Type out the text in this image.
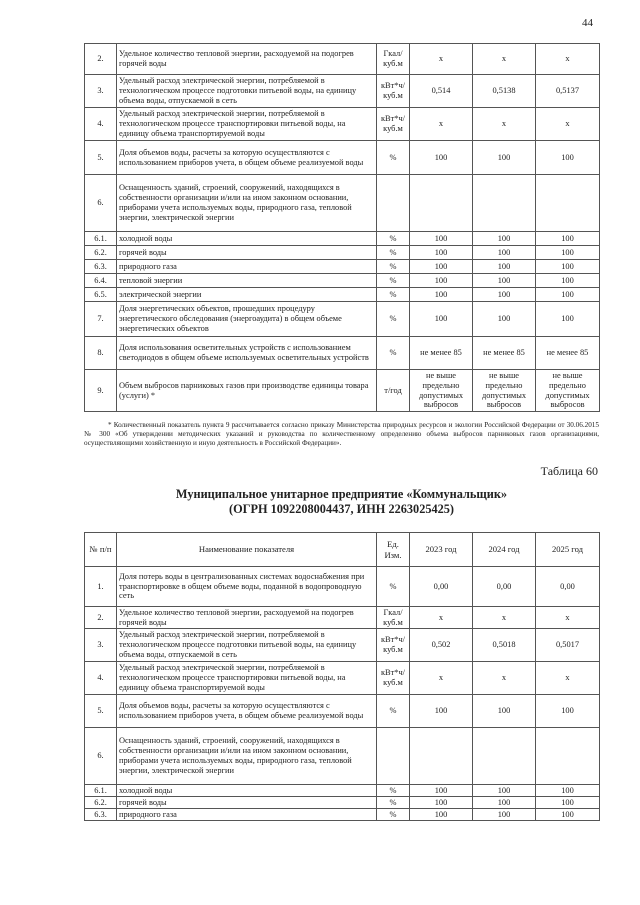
44
2.	Удельное количество тепловой энергии, расходуемой на подогрев горячей воды	Гкал/ куб.м	х	х	х
3.	Удельный расход электрической энергии, потребляемой в технологическом процессе подготовки питьевой воды, на единицу объема воды, отпускаемой в сеть	кВт*ч/ куб.м	0,514	0,5138	0,5137
4.	Удельный расход электрической энергии, потребляемой в технологическом процессе транспортировки питьевой воды, на единицу объема транспортируемой воды	кВт*ч/ куб.м	х	х	х
5.	Доля объемов воды, расчеты за которую осуществляются с использованием приборов учета, в общем объеме реализуемой воды	%	100	100	100
6.	Оснащенность зданий, строений, сооружений, находящихся в собственности организации и/или на ином законном основании, приборами учета используемых воды, природного газа, тепловой энергии, электрической энергии				
6.1.	холодной воды	%	100	100	100
6.2.	горячей воды	%	100	100	100
6.3.	природного газа	%	100	100	100
6.4.	тепловой энергии	%	100	100	100
6.5.	электрической энергии	%	100	100	100
7.	Доля энергетических объектов, прошедших процедуру энергетического обследования (энергоаудита) в общем объеме энергетических объектов	%	100	100	100
8.	Доля использования осветительных устройств с использованием светодиодов в общем объеме используемых осветительных устройств	%	не менее 85	не менее 85	не менее 85
9.	Объем выбросов парниковых газов при производстве единицы товара (услуги) *	т/год	не выше предельно допустимых выбросов	не выше предельно допустимых выбросов	не выше предельно допустимых выбросов
* Количественный показатель пункта 9 рассчитывается согласно приказу Министерства природных ресурсов и экологии Российской Федерации от 30.06.2015 № 300 «Об утверждении методических указаний и руководства по количественному определению объема выбросов парниковых газов организациями, осуществляющими хозяйственную и иную деятельность в Российской Федерации».
Таблица 60
Муниципальное унитарное предприятие «Коммунальщик»
(ОГРН 1092208004437, ИНН 2263025425)
№ п/п	Наименование показателя	Ед. Изм.	2023 год	2024 год	2025 год
1.	Доля потерь воды в централизованных системах водоснабжения при транспортировке в общем объеме воды, поданной в водопроводную сеть	%	0,00	0,00	0,00
2.	Удельное количество тепловой энергии, расходуемой на подогрев горячей воды	Гкал/ куб.м	х	х	х
3.	Удельный расход электрической энергии, потребляемой в технологическом процессе подготовки питьевой воды, на единицу объема воды, отпускаемой в сеть	кВт*ч/ куб.м	0,502	0,5018	0,5017
4.	Удельный расход электрической энергии, потребляемой в технологическом процессе транспортировки питьевой воды, на единицу объема транспортируемой воды	кВт*ч/ куб.м	х	х	х
5.	Доля объемов воды, расчеты за которую осуществляются с использованием приборов учета, в общем объеме реализуемой воды	%	100	100	100
6.	Оснащенность зданий, строений, сооружений, находящихся в собственности организации и/или на ином законном основании, приборами учета используемых воды, природного газа, тепловой энергии, электрической энергии				
6.1.	холодной воды	%	100	100	100
6.2.	горячей воды	%	100	100	100
6.3.	природного газа	%	100	100	100
